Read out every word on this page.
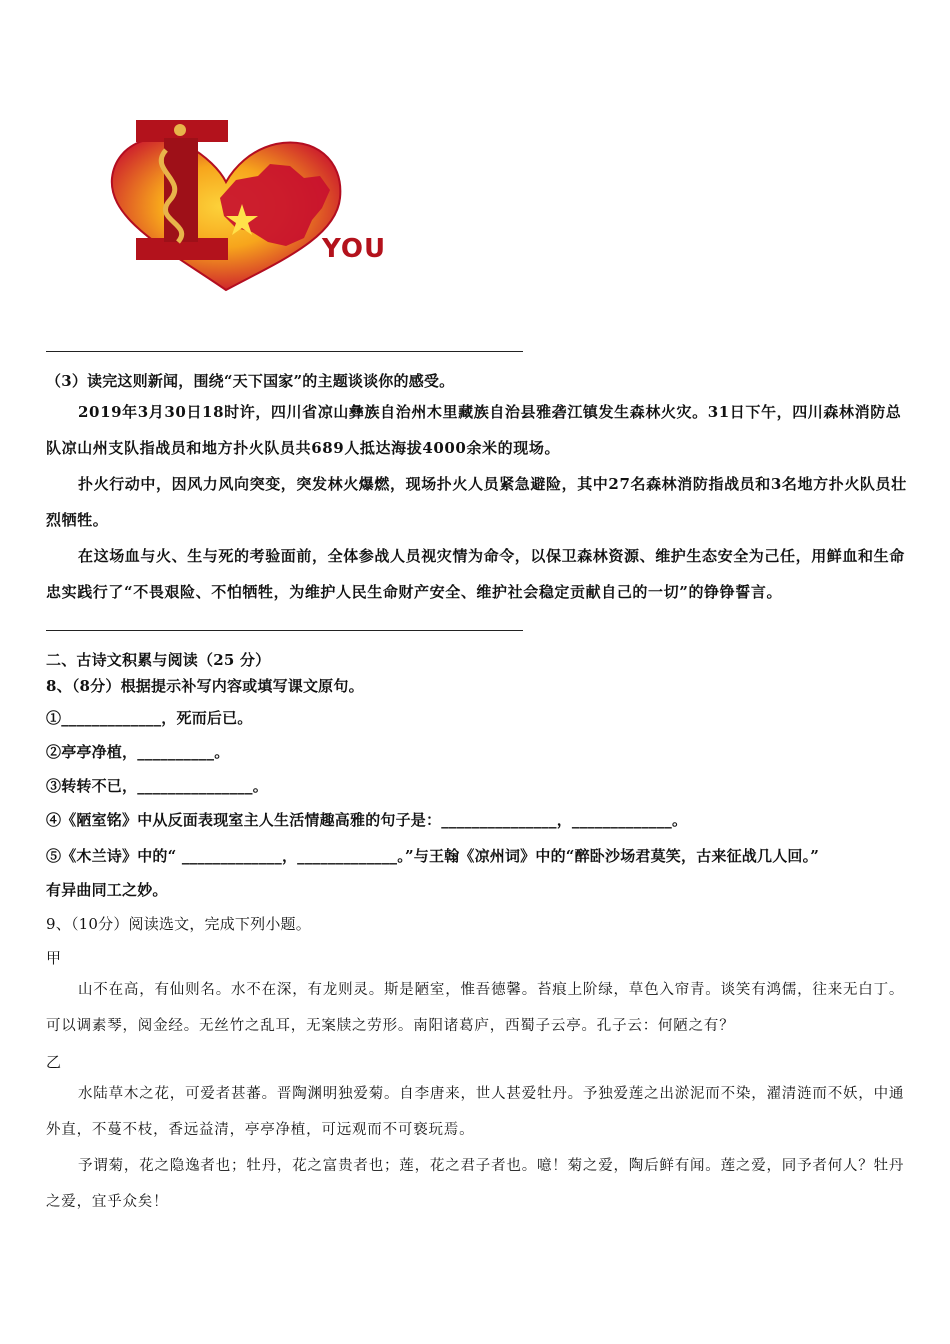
YOU
（3）读完这则新闻，围绕“天下国家”的主题谈谈你的感受。

2019年3月30日18时许，四川省凉山彝族自治州木里藏族自治县雅砻江镇发生森林火灾。31日下午，四川森林消防总队凉山州支队指战员和地方扑火队员共689人抵达海拔4000余米的现场。

扑火行动中，因风力风向突变，突发林火爆燃，现场扑火人员紧急避险，其中27名森林消防指战员和3名地方扑火队员壮烈牺牲。

在这场血与火、生与死的考验面前，全体参战人员视灾情为命令，以保卫森林资源、维护生态安全为己任，用鲜血和生命忠实践行了“不畏艰险、不怕牺牲，为维护人民生命财产安全、维护社会稳定贡献自己的一切”的铮铮誓言。

二、古诗文积累与阅读（25 分）
8、（8分）根据提示补写内容或填写课文原句。
①_____________，死而后已。
②亭亭净植，__________。
③转转不已，_______________。
④《陋室铭》中从反面表现室主人生活情趣高雅的句子是：_______________，_____________。
⑤《木兰诗》中的“ _____________，_____________。”与王翰《凉州词》中的“醉卧沙场君莫笑，古来征战几人回。”
有异曲同工之妙。
9、（10分）阅读选文，完成下列小题。
甲

山不在高，有仙则名。水不在深，有龙则灵。斯是陋室，惟吾德馨。苔痕上阶绿，草色入帘青。谈笑有鸿儒，往来无白丁。可以调素琴，阅金经。无丝竹之乱耳，无案牍之劳形。南阳诸葛庐，西蜀子云亭。孔子云：何陋之有？

乙

水陆草木之花，可爱者甚蕃。晋陶渊明独爱菊。自李唐来，世人甚爱牡丹。予独爱莲之出淤泥而不染，濯清涟而不妖，中通外直，不蔓不枝，香远益清，亭亭净植，可远观而不可亵玩焉。

予谓菊，花之隐逸者也；牡丹，花之富贵者也；莲，花之君子者也。噫！菊之爱，陶后鲜有闻。莲之爱，同予者何人？牡丹之爱，宜乎众矣！
